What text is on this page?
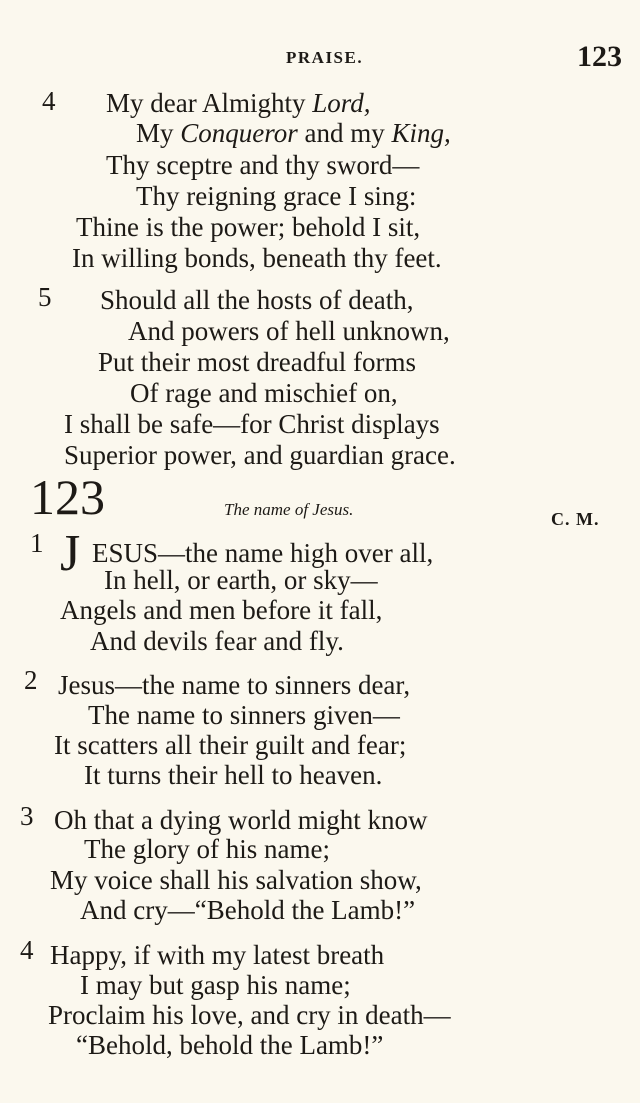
PRAISE.	123
4 My dear Almighty Lord,
My Conqueror and my King,
Thy sceptre and thy sword—
Thy reigning grace I sing:
Thine is the power; behold I sit,
In willing bonds, beneath thy feet.
5 Should all the hosts of death,
And powers of hell unknown,
Put their most dreadful forms
Of rage and mischief on,
I shall be safe—for Christ displays
Superior power, and guardian grace.
123	The name of Jesus.	C. M.
1 J ESUS—the name high over all,
In hell, or earth, or sky—
Angels and men before it fall,
And devils fear and fly.
2 Jesus—the name to sinners dear,
The name to sinners given—
It scatters all their guilt and fear;
It turns their hell to heaven.
3 Oh that a dying world might know
The glory of his name;
My voice shall his salvation show,
And cry—“Behold the Lamb!”
4 Happy, if with my latest breath
I may but gasp his name;
Proclaim his love, and cry in death—
“Behold, behold the Lamb!”
